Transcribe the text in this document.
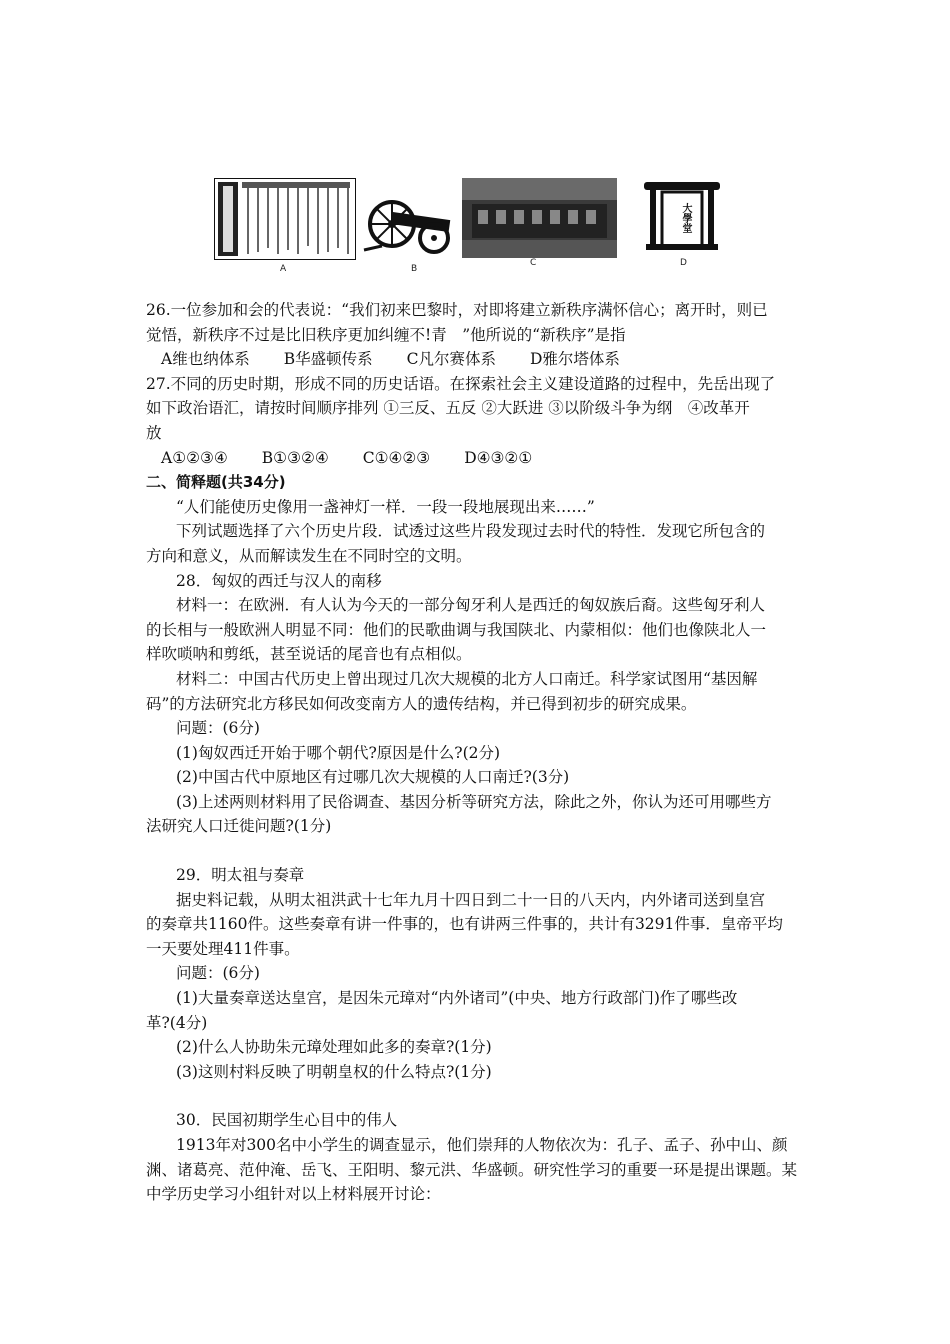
A	B
C
大學堂
D

26.一位参加和会的代表说：“我们初来巴黎时，对即将建立新秩序满怀信心；离开时，则已

觉悟，新秩序不过是比旧秩序更加纠缠不!青　”他所说的“新秩序”是指

A维也纳体系 B华盛顿传系 C凡尔赛体系 D雅尔塔体系

27.不同的历史时期，形成不同的历史话语。在探索社会主义建设道路的过程中，先岳出现了

如下政治语汇，请按时间顺序排列 ①三反、五反 ②大跃进 ③以阶级斗争为纲　④改革开

放

A①②③④ B①③②④ C①④②③ D④③②①

二、简释题(共34分)

“人们能使历史像用一盏神灯一样．一段一段地展现出来……”

下列试题选择了六个历史片段．试透过这些片段发现过去时代的特性．发现它所包含的

方向和意义，从而解读发生在不同时空的文明。

28．匈奴的西迁与汉人的南移

材料一：在欧洲．有人认为今天的一部分匈牙利人是西迁的匈奴族后裔。这些匈牙利人

的长相与一般欧洲人明显不同：他们的民歌曲调与我国陕北、内蒙相似：他们也像陕北人一

样吹唢呐和剪纸，甚至说话的尾音也有点相似。

材料二：中国古代历史上曾出现过几次大规模的北方人口南迁。科学家试图用“基因解

码”的方法研究北方移民如何改变南方人的遗传结构，并已得到初步的研究成果。

问题：(6分)

(1)匈奴西迁开始于哪个朝代?原因是什么?(2分)

(2)中国古代中原地区有过哪几次大规模的人口南迁?(3分)

(3)上述两则材料用了民俗调查、基因分析等研究方法，除此之外，你认为还可用哪些方

法研究人口迁徙问题?(1分)

29．明太祖与奏章

据史料记载，从明太祖洪武十七年九月十四日到二十一日的八天内，内外诸司送到皇宫

的奏章共1160件。这些奏章有讲一件事的，也有讲两三件事的，共计有3291件事．皇帝平均

一天要处理411件事。

问题：(6分)

(1)大量奏章送达皇宫，是因朱元璋对“内外诸司”(中央、地方行政部门)作了哪些改

革?(4分)

(2)什么人协助朱元璋处理如此多的奏章?(1分)

(3)这则村料反映了明朝皇权的什么特点?(1分)

30．民国初期学生心目中的伟人

1913年对300名中小学生的调查显示，他们崇拜的人物依次为：孔子、孟子、孙中山、颜

渊、诸葛亮、范仲淹、岳飞、王阳明、黎元洪、华盛顿。研究性学习的重要一环是提出课题。某

中学历史学习小组针对以上材料展开讨论：
